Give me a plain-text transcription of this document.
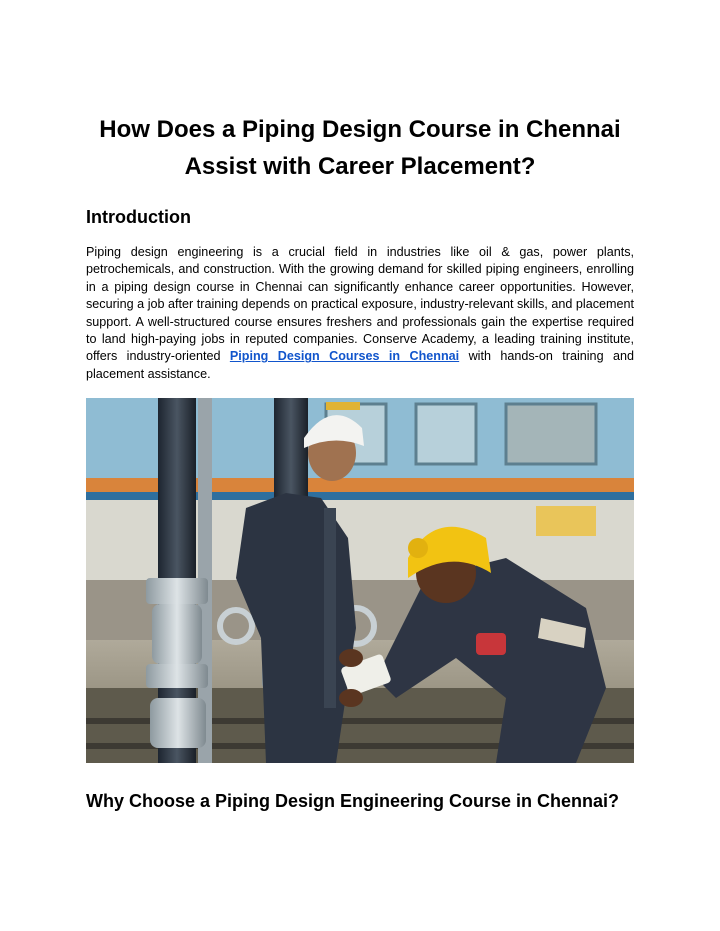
How Does a Piping Design Course in Chennai Assist with Career Placement?
Introduction

Piping design engineering is a crucial field in industries like oil & gas, power plants, petrochemicals, and construction. With the growing demand for skilled piping engineers, enrolling in a piping design course in Chennai can significantly enhance career opportunities. However, securing a job after training depends on practical exposure, industry-relevant skills, and placement support. A well-structured course ensures freshers and professionals gain the expertise required to land high-paying jobs in reputed companies. Conserve Academy, a leading training institute, offers industry-oriented Piping Design Courses in Chennai with hands-on training and placement assistance.

Why Choose a Piping Design Engineering Course in Chennai?
